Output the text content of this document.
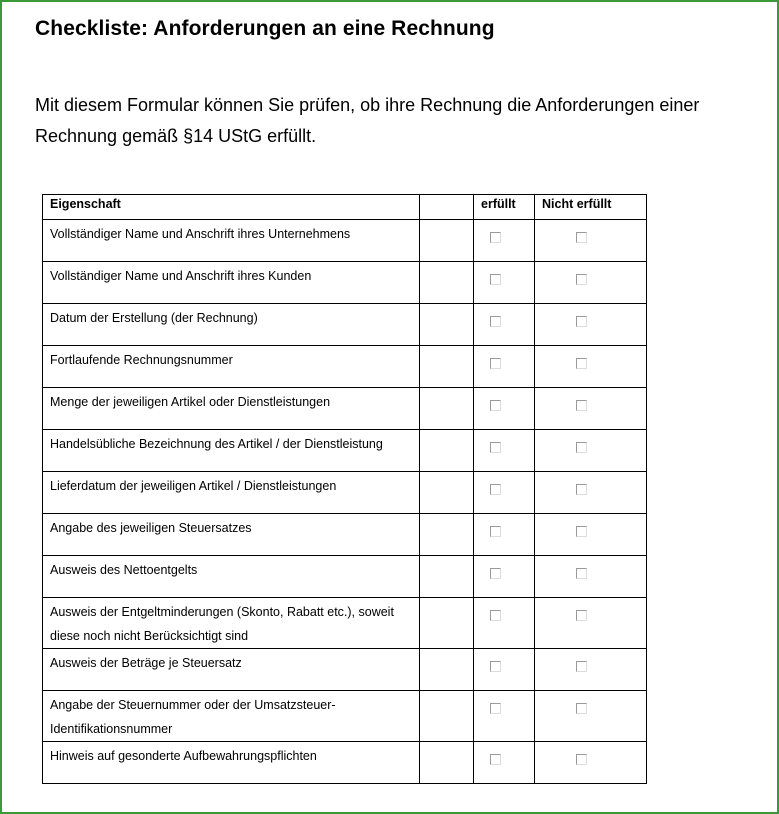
Checkliste: Anforderungen an eine Rechnung
Mit diesem Formular können Sie prüfen, ob ihre Rechnung die Anforderungen einer Rechnung gemäß §14 UStG erfüllt.
Eigenschaft		erfüllt	Nicht erfüllt

Vollständiger Name und Anschrift ihres Unternehmens			

Vollständiger Name und Anschrift ihres Kunden			

Datum der Erstellung (der Rechnung)			

Fortlaufende Rechnungsnummer			

Menge der jeweiligen Artikel oder Dienstleistungen			

Handelsübliche Bezeichnung des Artikel / der Dienstleistung			

Lieferdatum der jeweiligen Artikel / Dienstleistungen			

Angabe des jeweiligen Steuersatzes			

Ausweis des Nettoentgelts			

Ausweis der Entgeltminderungen (Skonto, Rabatt etc.), soweit diese noch nicht Berücksichtigt sind			

Ausweis der Beträge je Steuersatz			

Angabe der Steuernummer oder der Umsatzsteuer-Identifikationsnummer			

Hinweis auf gesonderte Aufbewahrungspflichten			
